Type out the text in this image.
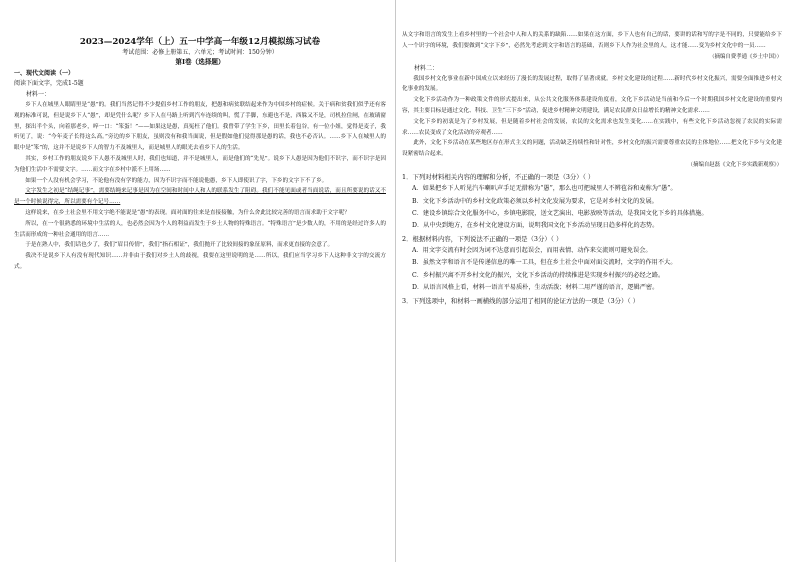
2023—2024学年（上）五一中学高一年级12月模拟练习试卷
考试范围：必修上册第五、六单元；考试时间：150分钟）
第Ⅰ卷（选择题）
一、现代文阅读（一）
阅读下面文字，完成1-5题
材料一：

乡下人在城里人眼睛里是“愚”的。我们当然记得不少提倡乡村工作的朋友，把愚和病贫联结起来作为中国乡村的症候。关于病和贫我们似乎还有客观的标准可说，但是说乡下人“愚”，却是凭什么呢？乡下人在马路上听到汽车连续的叫，慌了手脚，东避也不是，西躲又不是，司机拉住闸，在玻璃窗里，探出半个头，向着那老乡，啐一口：“笨蛋！”——如果这是愚，真冤枉了他们。我曾带了学生下乡，田里长着包谷，有一位小姐，觉得是麦子，我听见了，说：“今年麦子长得这么高。”旁边的乡下朋友，虽则没有和我当面说，但是假如他们觉得那是愚的话，我也不必否认。……乡下人在城里人的眼中是“笨”的，这并不是说乡下人的智力不及城里人，而是城里人的眼光去看乡下人的生活。

其实，乡村工作的朋友说乡下人愚不及城里人时，我们也知道，并不是城里人，而是他们的“先见”。说乡下人愚是因为他们不识字，而不识字是因为他们生活中不需要文字。……而文字在乡村中派不上用场……

如果一个人没有机会学习，不论他有没有学的能力，因为不识字而不能说他愚，乡下人即使识了字，下乡的文字下不了乡。

文字发生之初是“结绳记事”，需要结绳来记事是因为在空间和时间中人和人的联系发生了阻碍。我们不能见面或者当面说话，而且所要说的话又不是一个时候说得完，所以需要有个记号……

这样说来，在乡土社会里不用文字绝不能说是“愚”的表现。面对面的往来是直接接触，为什么舍此比较完善的语言而求助于文字呢？

所以，在一个很熟悉的环境中生活的人，也必然会因为个人的利益而发生于乡土人物的特殊语言。“特殊语言”是少数人的，不用的是经过许多人的生活而形成的一种社会通用的语言……

于是在熟人中，我们话也少了，我们“眉目传情”，我们“指石相证”，我们抛开了比较间接的象征原料，而求更直接的会意了。

我决不是说乡下人有没有现代知识……并非由于我们对乡土人的歧视，我要在这里说明的是……所以，我们应当学习乡下人这种非文字的交流方式。

从文字和语言的发生上看乡村里的一个社会中人和人的关系的缺陷……如果在这方面，乡下人也有自己的话，要讲的话和写的字是不同的，只要能给乡下人一个识字的环境，我们要做到“文字下乡”，必然先考虑到文字和语言的基础，否则乡下人作为社会里的人，这才能……变为乡村文化中的一员……

（摘编自费孝通《乡土中国》）
材料二：

我国乡村文化事业在新中国成立以来经历了漫长的发展过程，取得了显著成就。乡村文化建设的过程……新时代乡村文化振兴，需要全面推进乡村文化事业的发展。

文化下乡活动作为一种政策文件的形式提出来，从公共文化服务体系建设角度看，文化下乡活动是当前和今后一个时期我国乡村文化建设的重要内容，其主要目标是通过文化、科技、卫生“三下乡”活动，促进乡村精神文明建设，满足农民群众日益增长的精神文化需求……

文化下乡的初衷是为了乡村发展，但是随着乡村社会的发展，农民的文化需求也发生变化……在实践中，有些文化下乡活动忽视了农民的实际需求……农民变成了文化活动的旁观者……

此外，文化下乡活动在某些地区存在形式主义的问题，活动缺乏持续性和针对性，乡村文化的振兴需要尊重农民的主体地位……把文化下乡与文化建设紧密结合起来。

（摘编自赵磊《文化下乡实践新观察》）

1．下列对材料相关内容的理解和分析，不正确的一项是（3分）（ ）

A．如果把乡下人听见汽车喇叭声手足无措称为“愚”，那么也可把城里人不辨苞谷和麦称为“愚”。

B．文化下乡活动中的乡村文化政策必须以乡村文化发展为要求，它是对乡村文化的发展。

C．建设乡镇综合文化服务中心，乡镇电影院，送文艺演出、电影放映等活动，是我国文化下乡的具体措施。

D．从中央到地方，在乡村文化建设方面，说明我国文化下乡活动呈现日趋多样化的态势。

2．根据材料内容，下列说法不正确的一项是（3分）（ ）

A．用文字交流有时会因为词不达意而引起误会，而用表情、动作来交流则可避免误会。

B．虽然文字和语言不是传递信息的唯一工具，但在乡土社会中面对面交流时，文字的作用不大。

C．乡村振兴离不开乡村文化的振兴，文化下乡活动的持续推进是实现乡村振兴的必经之路。

D．从语言风格上看，材料一语言平易质朴，生动活泼；材料二用严谨的语言，逻辑严密。

3．下列选项中，和材料一画横线的部分运用了相同的论证方法的一项是（3分）（ ）
